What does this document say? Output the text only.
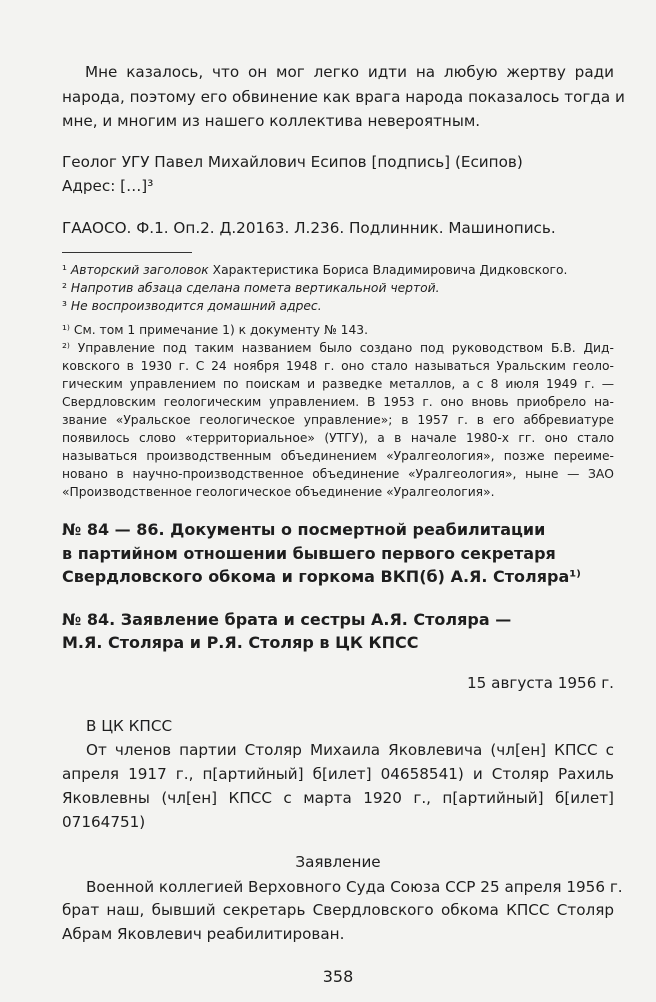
Мне казалось, что он мог легко идти на любую жертву ради
народа, поэтому его обвинение как врага народа показалось тогда и
мне, и многим из нашего коллектива невероятным.
Геолог УГУ Павел Михайлович Есипов [подпись] (Есипов)
Адрес: […]³
ГААОСО. Ф.1. Оп.2. Д.20163. Л.236. Подлинник. Машинопись.
¹ Авторский заголовок Характеристика Бориса Владимировича Дидковского.
² Напротив абзаца сделана помета вертикальной чертой.
³ Не воспроизводится домашний адрес.
¹⁾ См. том 1 примечание 1) к документу № 143.
²⁾ Управление под таким названием было создано под руководством Б.В. Дид-
ковского в 1930 г. С 24 ноября 1948 г. оно стало называться Уральским геоло-
гическим управлением по поискам и разведке металлов, а с 8 июля 1949 г. —
Свердловским геологическим управлением. В 1953 г. оно вновь приобрело на-
звание «Уральское геологическое управление»; в 1957 г. в его аббревиатуре
появилось слово «территориальное» (УТГУ), а в начале 1980-х гг. оно стало
называться производственным объединением «Уралгеология», позже переиме-
новано в научно-производственное объединение «Уралгеология», ныне — ЗАО
«Производственное геологическое объединение «Уралгеология».
№ 84 — 86. Документы о посмертной реабилитации
в партийном отношении бывшего первого секретаря
Свердловского обкома и горкома ВКП(б) А.Я. Столяра¹⁾
№ 84. Заявление брата и сестры А.Я. Столяра —
М.Я. Столяра и Р.Я. Столяр в ЦК КПСС
15 августа 1956 г.
В ЦК КПСС
От членов партии Столяр Михаила Яковлевича (чл[ен] КПСС с
апреля 1917 г., п[артийный] б[илет] 04658541) и Столяр Рахиль
Яковлевны (чл[ен] КПСС с марта 1920 г., п[артийный] б[илет]
07164751)
Заявление
Военной коллегией Верховного Суда Союза ССР 25 апреля 1956 г.
брат наш, бывший секретарь Свердловского обкома КПСС Столяр
Абрам Яковлевич реабилитирован.
358
